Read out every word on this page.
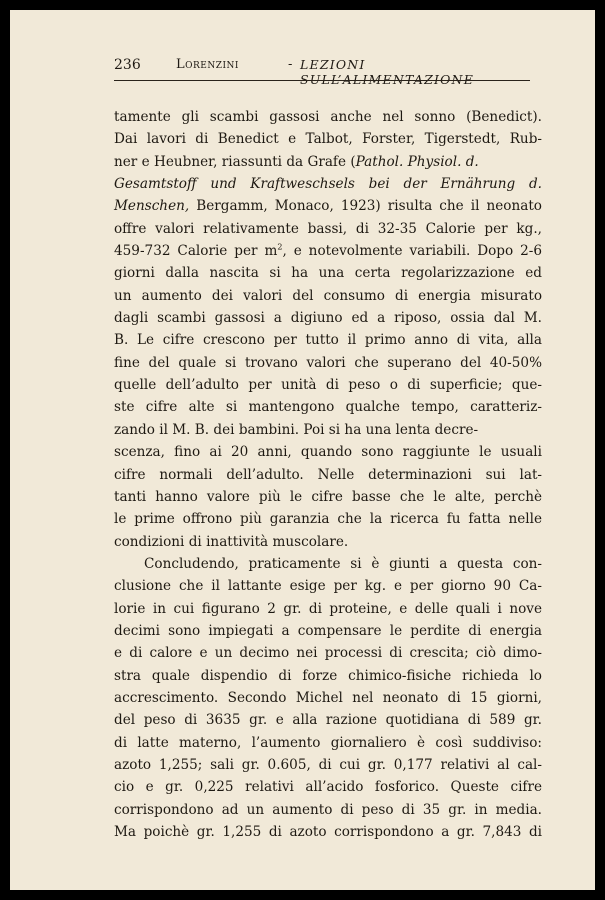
236	Lorenzini	- LEZIONI SULL’ALIMENTAZIONE
tamente gli scambi gassosi anche nel sonno (Benedict).
Dai lavori di Benedict e Talbot, Forster, Tigerstedt, Rub-
ner e Heubner, riassunti da Grafe (Pathol. Physiol. d.
Gesamtstoff und Kraftweschsels bei der Ernährung d.
Menschen, Bergamm, Monaco, 1923) risulta che il neonato
offre valori relativamente bassi, di 32-35 Calorie per kg.,
459-732 Calorie per $m^2$, e notevolmente variabili. Dopo 2-6
giorni dalla nascita si ha una certa regolarizzazione ed
un aumento dei valori del consumo di energia misurato
dagli scambi gassosi a digiuno ed a riposo, ossia dal M.
B. Le cifre crescono per tutto il primo anno di vita, alla
fine del quale si trovano valori che superano del 40-50%
quelle dell’adulto per unità di peso o di superficie; que-
ste cifre alte si mantengono qualche tempo, caratteriz-
zando il M. B. dei bambini. Poi si ha una lenta decre-
scenza, fino ai 20 anni, quando sono raggiunte le usuali
cifre normali dell’adulto. Nelle determinazioni sui lat-
tanti hanno valore più le cifre basse che le alte, perchè
le prime offrono più garanzia che la ricerca fu fatta nelle
condizioni di inattività muscolare.
Concludendo, praticamente si è giunti a questa con-
clusione che il lattante esige per kg. e per giorno 90 Ca-
lorie in cui figurano 2 gr. di proteine, e delle quali i nove
decimi sono impiegati a compensare le perdite di energia
e di calore e un decimo nei processi di crescita; ciò dimo-
stra quale dispendio di forze chimico-fisiche richieda lo
accrescimento. Secondo Michel nel neonato di 15 giorni,
del peso di 3635 gr. e alla razione quotidiana di 589 gr.
di latte materno, l’aumento giornaliero è così suddiviso:
azoto 1,255; sali gr. 0.605, di cui gr. 0,177 relativi al cal-
cio e gr. 0,225 relativi all’acido fosforico. Queste cifre
corrispondono ad un aumento di peso di 35 gr. in media.
Ma poichè gr. 1,255 di azoto corrispondono a gr. 7,843 di
